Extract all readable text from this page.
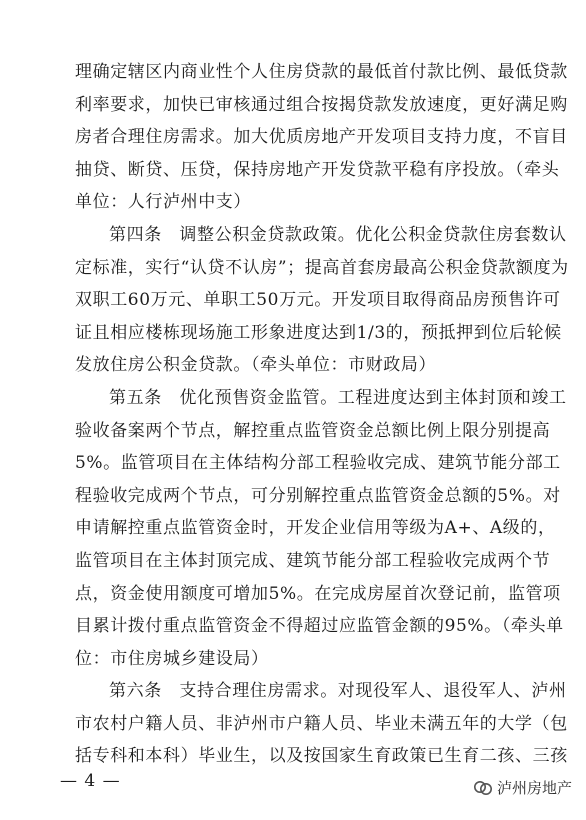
理确定辖区内商业性个人住房贷款的最低首付款比例、最低贷款
利率要求，加快已审核通过组合按揭贷款发放速度，更好满足购
房者合理住房需求。加大优质房地产开发项目支持力度，不盲目
抽贷、断贷、压贷，保持房地产开发贷款平稳有序投放。（牵头
单位：人行泸州中支）
第四条　调整公积金贷款政策。优化公积金贷款住房套数认
定标准，实行“认贷不认房”；提高首套房最高公积金贷款额度为
双职工60万元、单职工50万元。开发项目取得商品房预售许可
证且相应楼栋现场施工形象进度达到1/3的，预抵押到位后轮候
发放住房公积金贷款。（牵头单位：市财政局）
第五条　优化预售资金监管。工程进度达到主体封顶和竣工
验收备案两个节点，解控重点监管资金总额比例上限分别提高
5%。监管项目在主体结构分部工程验收完成、建筑节能分部工
程验收完成两个节点，可分别解控重点监管资金总额的5%。对
申请解控重点监管资金时，开发企业信用等级为A+、A级的，
监管项目在主体封顶完成、建筑节能分部工程验收完成两个节
点，资金使用额度可增加5%。在完成房屋首次登记前，监管项
目累计拨付重点监管资金不得超过应监管金额的95%。（牵头单
位：市住房城乡建设局）
第六条　支持合理住房需求。对现役军人、退役军人、泸州
市农村户籍人员、非泸州市户籍人员、毕业未满五年的大学（包
括专科和本科）毕业生，以及按国家生育政策已生育二孩、三孩
— 4 —	泸州房地产
